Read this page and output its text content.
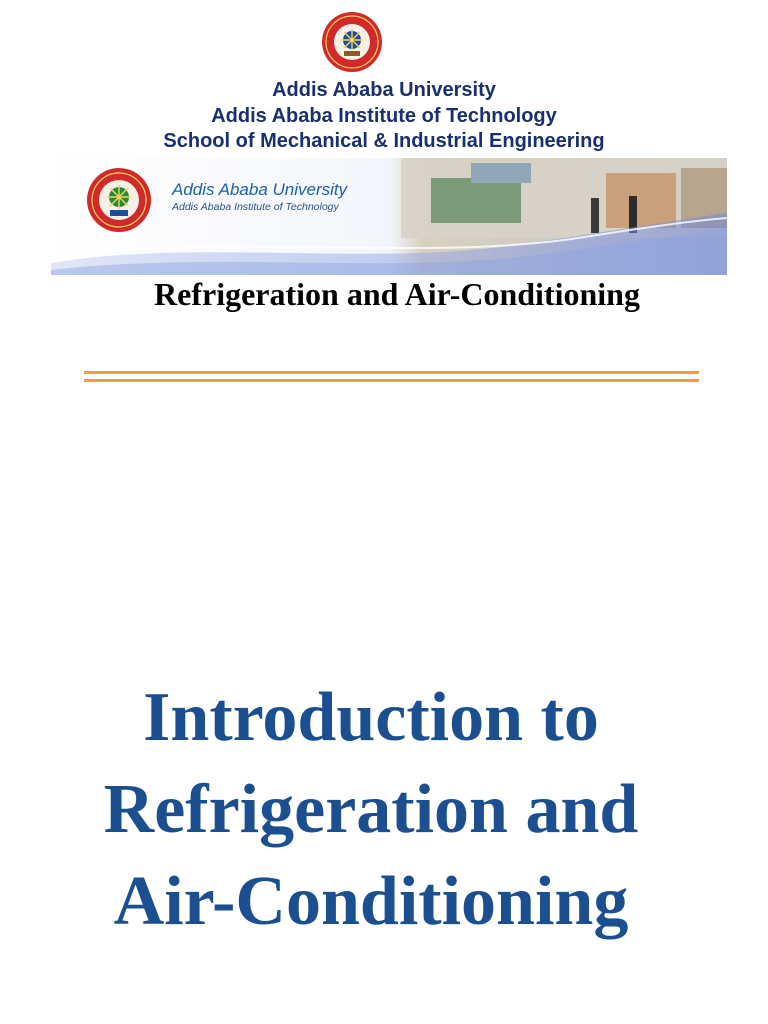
Addis Ababa University
Addis Ababa Institute of Technology
School of Mechanical & Industrial Engineering
Addis Ababa University
Addis Ababa Institute of Technology
Refrigeration and Air-Conditioning
Introduction to
Refrigeration and
Air-Conditioning
